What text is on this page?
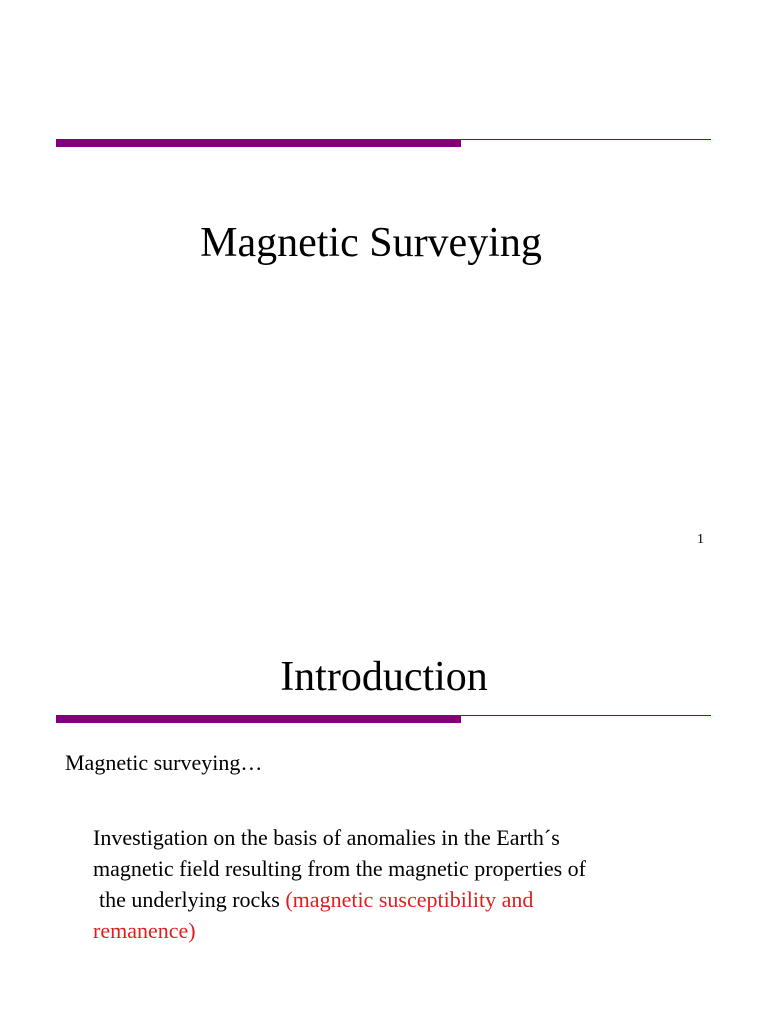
Magnetic Surveying
1
Introduction
Magnetic surveying…
Investigation on the basis of anomalies in the Earth´s
magnetic field resulting from the magnetic properties of
the underlying rocks (magnetic susceptibility and
remanence)
